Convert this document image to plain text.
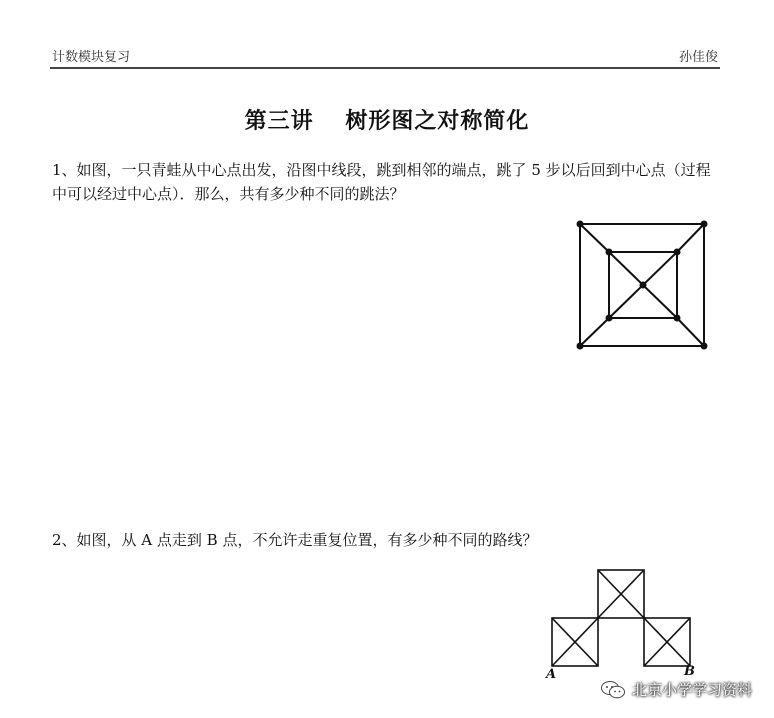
计数模块复习	孙佳俊
第三讲　 树形图之对称简化
1、如图，一只青蛙从中心点出发，沿图中线段，跳到相邻的端点，跳了 5 步以后回到中心点（过程中可以经过中心点）．那么，共有多少种不同的跳法？
2、如图，从 A 点走到 B 点，不允许走重复位置，有多少种不同的路线？
A	B
北京小学学习资料
